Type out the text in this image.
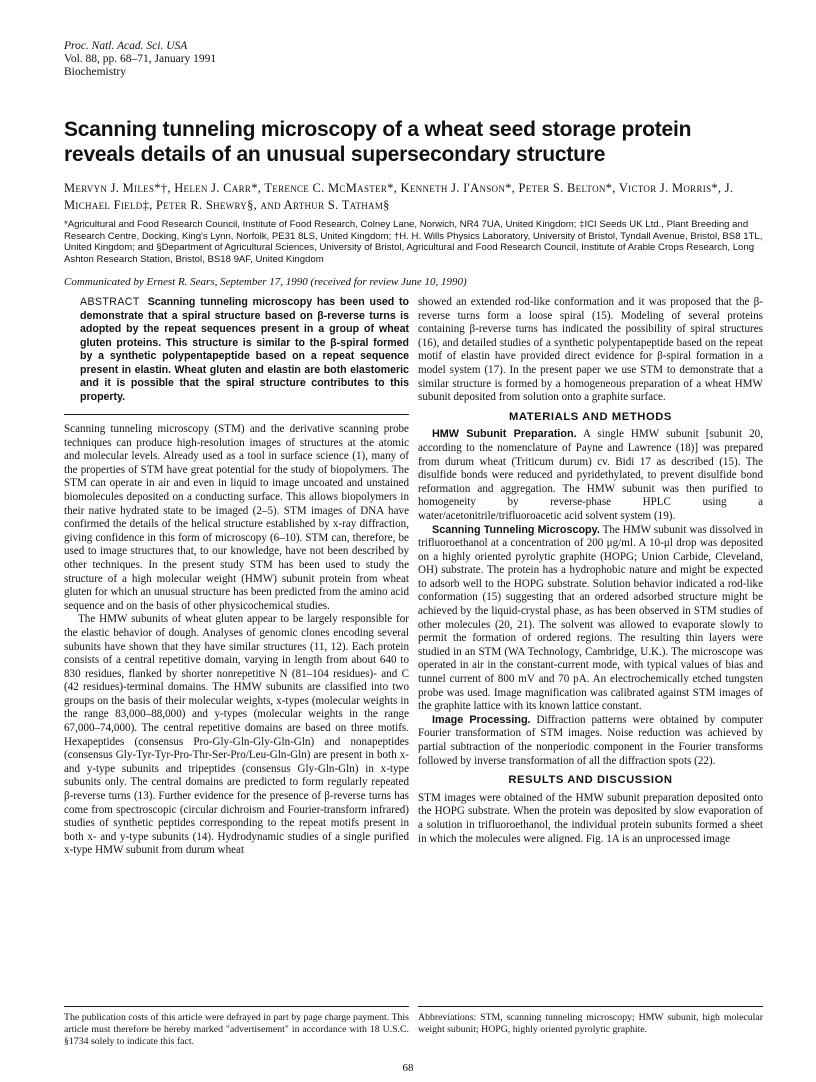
Proc. Natl. Acad. Sci. USA
Vol. 88, pp. 68–71, January 1991
Biochemistry
Scanning tunneling microscopy of a wheat seed storage protein reveals details of an unusual supersecondary structure
Mervyn J. Miles*†, Helen J. Carr*, Terence C. McMaster*, Kenneth J. I'Anson*, Peter S. Belton*, Victor J. Morris*, J. Michael Field‡, Peter R. Shewry§, and Arthur S. Tatham§
*Agricultural and Food Research Council, Institute of Food Research, Colney Lane, Norwich, NR4 7UA, United Kingdom; ‡ICI Seeds UK Ltd., Plant Breeding and Research Centre, Docking, King's Lynn, Norfolk, PE31 8LS, United Kingdom; †H. H. Wills Physics Laboratory, University of Bristol, Tyndall Avenue, Bristol, BS8 1TL, United Kingdom; and §Department of Agricultural Sciences, University of Bristol, Agricultural and Food Research Council, Institute of Arable Crops Research, Long Ashton Research Station, Bristol, BS18 9AF, United Kingdom
Communicated by Ernest R. Sears, September 17, 1990 (received for review June 10, 1990)
ABSTRACT Scanning tunneling microscopy has been used to demonstrate that a spiral structure based on β-reverse turns is adopted by the repeat sequences present in a group of wheat gluten proteins. This structure is similar to the β-spiral formed by a synthetic polypentapeptide based on a repeat sequence present in elastin. Wheat gluten and elastin are both elastomeric and it is possible that the spiral structure contributes to this property.

Scanning tunneling microscopy (STM) and the derivative scanning probe techniques can produce high-resolution images of structures at the atomic and molecular levels. Already used as a tool in surface science (1), many of the properties of STM have great potential for the study of biopolymers. The STM can operate in air and even in liquid to image uncoated and unstained biomolecules deposited on a conducting surface. This allows biopolymers in their native hydrated state to be imaged (2–5). STM images of DNA have confirmed the details of the helical structure established by x-ray diffraction, giving confidence in this form of microscopy (6–10). STM can, therefore, be used to image structures that, to our knowledge, have not been described by other techniques. In the present study STM has been used to study the structure of a high molecular weight (HMW) subunit protein from wheat gluten for which an unusual structure has been predicted from the amino acid sequence and on the basis of other physicochemical studies.

The HMW subunits of wheat gluten appear to be largely responsible for the elastic behavior of dough. Analyses of genomic clones encoding several subunits have shown that they have similar structures (11, 12). Each protein consists of a central repetitive domain, varying in length from about 640 to 830 residues, flanked by shorter nonrepetitive N (81–104 residues)- and C (42 residues)-terminal domains. The HMW subunits are classified into two groups on the basis of their molecular weights, x-types (molecular weights in the range 83,000–88,000) and y-types (molecular weights in the range 67,000–74,000). The central repetitive domains are based on three motifs. Hexapeptides (consensus Pro-Gly-Gln-Gly-Gln-Gln) and nonapeptides (consensus Gly-Tyr-Tyr-Pro-Thr-Ser-Pro/Leu-Gln-Gln) are present in both x- and y-type subunits and tripeptides (consensus Gly-Gln-Gln) in x-type subunits only. The central domains are predicted to form regularly repeated β-reverse turns (13). Further evidence for the presence of β-reverse turns has come from spectroscopic (circular dichroism and Fourier-transform infrared) studies of synthetic peptides corresponding to the repeat motifs present in both x- and y-type subunits (14). Hydrodynamic studies of a single purified x-type HMW subunit from durum wheat

showed an extended rod-like conformation and it was proposed that the β-reverse turns form a loose spiral (15). Modeling of several proteins containing β-reverse turns has indicated the possibility of spiral structures (16), and detailed studies of a synthetic polypentapeptide based on the repeat motif of elastin have provided direct evidence for β-spiral formation in a model system (17). In the present paper we use STM to demonstrate that a similar structure is formed by a homogeneous preparation of a wheat HMW subunit deposited from solution onto a graphite surface.

MATERIALS AND METHODS

HMW Subunit Preparation. A single HMW subunit [subunit 20, according to the nomenclature of Payne and Lawrence (18)] was prepared from durum wheat (Triticum durum) cv. Bidi 17 as described (15). The disulfide bonds were reduced and pyridethylated, to prevent disulfide bond reformation and aggregation. The HMW subunit was then purified to homogeneity by reverse-phase HPLC using a water/acetonitrile/trifluoroacetic acid solvent system (19).

Scanning Tunneling Microscopy. The HMW subunit was dissolved in trifluoroethanol at a concentration of 200 μg/ml. A 10-μl drop was deposited on a highly oriented pyrolytic graphite (HOPG; Union Carbide, Cleveland, OH) substrate. The protein has a hydrophobic nature and might be expected to adsorb well to the HOPG substrate. Solution behavior indicated a rod-like conformation (15) suggesting that an ordered adsorbed structure might be achieved by the liquid-crystal phase, as has been observed in STM studies of other molecules (20, 21). The solvent was allowed to evaporate slowly to permit the formation of ordered regions. The resulting thin layers were studied in an STM (WA Technology, Cambridge, U.K.). The microscope was operated in air in the constant-current mode, with typical values of bias and tunnel current of 800 mV and 70 pA. An electrochemically etched tungsten probe was used. Image magnification was calibrated against STM images of the graphite lattice with its known lattice constant.

Image Processing. Diffraction patterns were obtained by computer Fourier transformation of STM images. Noise reduction was achieved by partial subtraction of the nonperiodic component in the Fourier transforms followed by inverse transformation of all the diffraction spots (22).

RESULTS AND DISCUSSION

STM images were obtained of the HMW subunit preparation deposited onto the HOPG substrate. When the protein was deposited by slow evaporation of a solution in trifluoroethanol, the individual protein subunits formed a sheet in which the molecules were aligned. Fig. 1A is an unprocessed image

The publication costs of this article were defrayed in part by page charge payment. This article must therefore be hereby marked "advertisement" in accordance with 18 U.S.C. §1734 solely to indicate this fact.
Abbreviations: STM, scanning tunneling microscopy; HMW subunit, high molecular weight subunit; HOPG, highly oriented pyrolytic graphite.
68
